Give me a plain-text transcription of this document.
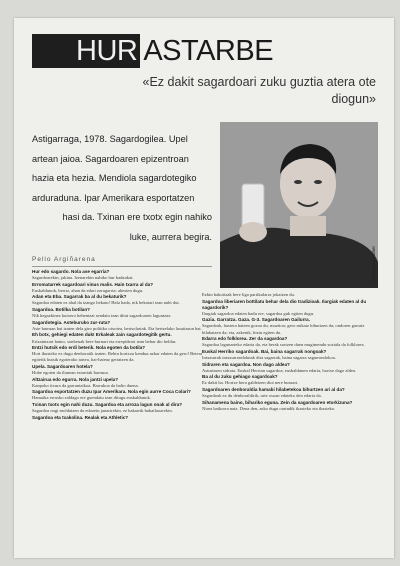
HUR ASTARBE
«Ez dakit sagardoari zuku guztia atera ote diogun»
Astigarraga, 1978. Sagardogilea. Upel
artean jaioa. Sagardoaren epizentroan
hazia eta hezia. Mendiola sagardotegiko
arduraduna. Ipar Amerikara esportatzen
hasi da. Txinan ere txotx egin nahiko
luke, aurrera begira.
Conny Beyreuther
Pello Argiñarena
Hur edo sagardo. Nola ase egarria?
Sagardoarekin, jakina. Izenarekin nahiko hur badaukat.
Erromatarrek sagardoari vinus malis. Hain txarra al da?
Euskaldunok, berriz, ahan da edari zoragarria: ahesten dugu.
Adan eta Eba. Sagarrak ba al du bekaturik?
Sagardoa edaten ez ahal da izango bekatu! Hala bada, nik bekatari izan nahi dut.
Sagardoa. Botilka botilan?
Nik hegazkinez kutxero hehenizat sendatu izan ditut sagardoaren laguntzaz.
Sagardotegia. Asteburuko zur-ruta?
Aste barruan bai izaten dela giro politiko otxotea, bertsolariak. Eta bertzelako lasaitasun bat.
Eh botx, gehiegi edaten duk! Erkaleak zain sagardotegitik gertu.
Ertzaintzari baino, sonbenak bere burnari eta errepideari izan behar dio beldur.
Entzi hutsik edo erdi beterik. Nola egoten da botila?
Hori ikusteko ez dugu denboratik izaten. Behin kortxoa kendua azkar edaten da gero! Betera egitetik hutsik egoterako tartea, hai-hateaz gertatzen da.
Upela. Sagardoaren hotela?
Hobe egoten da ilunean estarrtak barruna.
Altzairua edo egurra. Nola jantzi upela?
Kanpoko itxura da garrantzikoa. Barrukoa da balio duena.
Sagardoa esportatzen duzu Ipar Amerikara. Nola egin aurre Coca Colari?
Hamaika errusko zaldago ere guendatu izan ditugu euskaldunok.
Txinan txotx egin nahi duzu. Sagardoa eta arroza lagun onak al dira?
Sagardoa ongi moldatzen da edozein janarirekin, ez bakarrik bakailaoarekin.
Sagardoa eta txakolina. Realak eta Athletic?
Ezkin bakoitzak bere liga partikularra jokatzen du.
Sagardoa liberiaren bottilatu behar dela dio tradizioak. Ilargiak edaten al du sagardorik?
Ilargiak sagardoa edaten badu ere, sagardoa guk egiten dugu.
Gazia. Garratza. Gaza. G-3. Sagardoaren Gailurra.
Sagardoak, hastera hateen gozoa du, muztioa; gero mikatz bihurtzen da; ondoren garratz bilakatzen da; eta, azkenik, biztu egiten da.
Edarra edo folklorea. Zer da sagardoa?
Sagardoa lagunarteko edaria da, eta berak sortzen duen mugimendu soziala da folklorea.
Euskal Herriko sagardoak. Bai, baina sagarrak nongoak?
Intxaurrak intxaurrondoknak dira sagarrak, baina sagarra sagarrondokoa.
Sidraren eta sagardoa. Non dago aldea?
Asturiasen sidraia. Euskal Herrian sagardoa, euskaldunen edaria, hortxe dago aldea.
Ba al du zuku gehiago sagardoak?
Ez dakit ba. Horixe bera galdetzen diot nere buruari.
Sagardoaren denboraldia hamabi hilabetekoa bihurtzen ari al da?
Sagardoak ez du denboraldirik, urte osoan edateko den edaria da.
Sihanamena baino, bihariko eguna. Zein da sagardoaren etorkizuna?
Nirea baikorra naiz. Dena den, asko dugu oraindik ikasteko eta ikasteko.
